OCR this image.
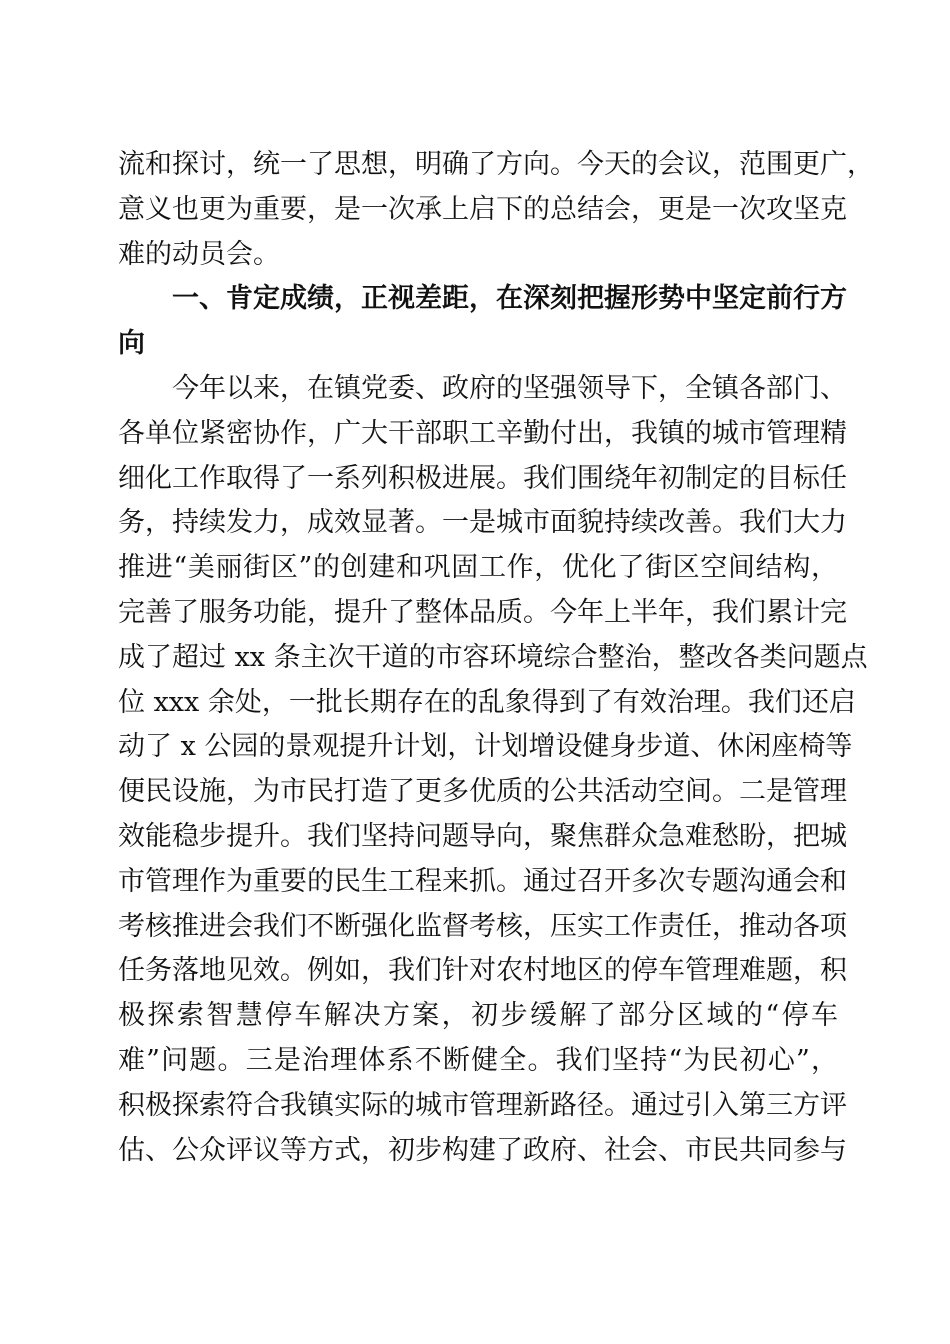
流和探讨，统一了思想，明确了方向。今天的会议，范围更广，
意义也更为重要，是一次承上启下的总结会，更是一次攻坚克
难的动员会。
一、肯定成绩，正视差距，在深刻把握形势中坚定前行方
向
今年以来，在镇党委、政府的坚强领导下，全镇各部门、
各单位紧密协作，广大干部职工辛勤付出，我镇的城市管理精
细化工作取得了一系列积极进展。我们围绕年初制定的目标任
务，持续发力，成效显著。一是城市面貌持续改善。我们大力
推进“美丽街区”的创建和巩固工作，优化了街区空间结构，
完善了服务功能，提升了整体品质。今年上半年，我们累计完
成了超过 xx 条主次干道的市容环境综合整治，整改各类问题点
位 xxx 余处，一批长期存在的乱象得到了有效治理。我们还启
动了 x 公园的景观提升计划，计划增设健身步道、休闲座椅等
便民设施，为市民打造了更多优质的公共活动空间。二是管理
效能稳步提升。我们坚持问题导向，聚焦群众急难愁盼，把城
市管理作为重要的民生工程来抓。通过召开多次专题沟通会和
考核推进会我们不断强化监督考核，压实工作责任，推动各项
任务落地见效。例如，我们针对农村地区的停车管理难题，积
极探索智慧停车解决方案，初步缓解了部分区域的“停车
难”问题。三是治理体系不断健全。我们坚持“为民初心”，
积极探索符合我镇实际的城市管理新路径。通过引入第三方评
估、公众评议等方式，初步构建了政府、社会、市民共同参与
